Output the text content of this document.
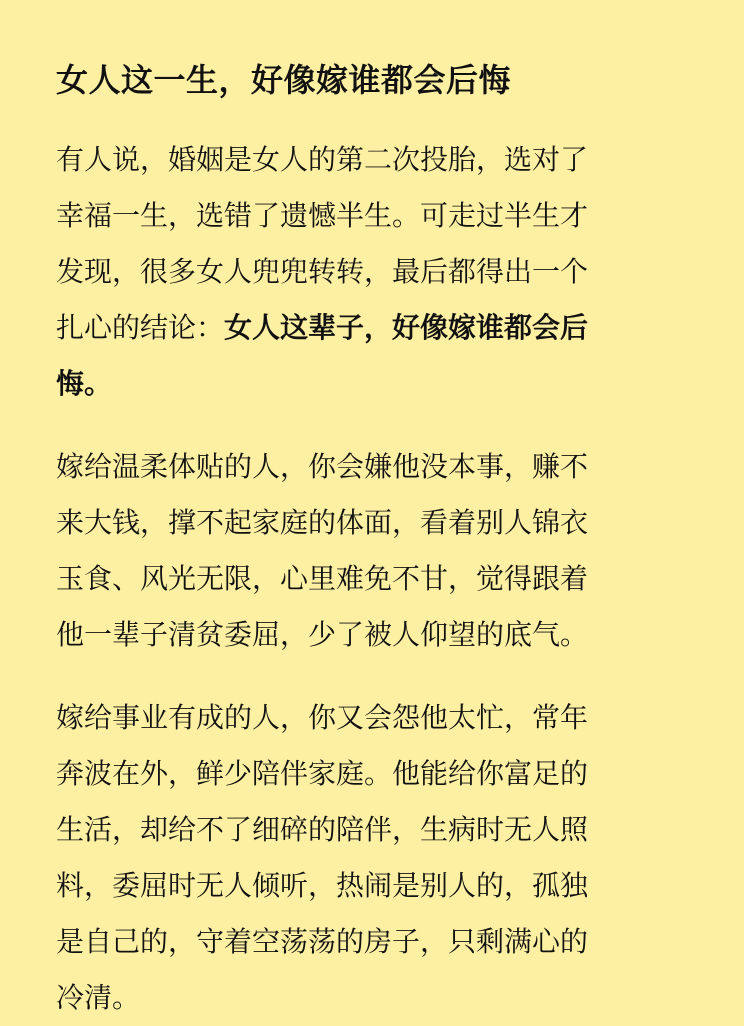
女人这一生，好像嫁谁都会后悔

有人说，婚姻是女人的第二次投胎，选对了
幸福一生，选错了遗憾半生。可走过半生才
发现，很多女人兜兜转转，最后都得出一个
扎心的结论：女人这辈子，好像嫁谁都会后
悔。

嫁给温柔体贴的人，你会嫌他没本事，赚不
来大钱，撑不起家庭的体面，看着别人锦衣
玉食、风光无限，心里难免不甘，觉得跟着
他一辈子清贫委屈，少了被人仰望的底气。

嫁给事业有成的人，你又会怨他太忙，常年
奔波在外，鲜少陪伴家庭。他能给你富足的
生活，却给不了细碎的陪伴，生病时无人照
料，委屈时无人倾听，热闹是别人的，孤独
是自己的，守着空荡荡的房子，只剩满心的
冷清。
